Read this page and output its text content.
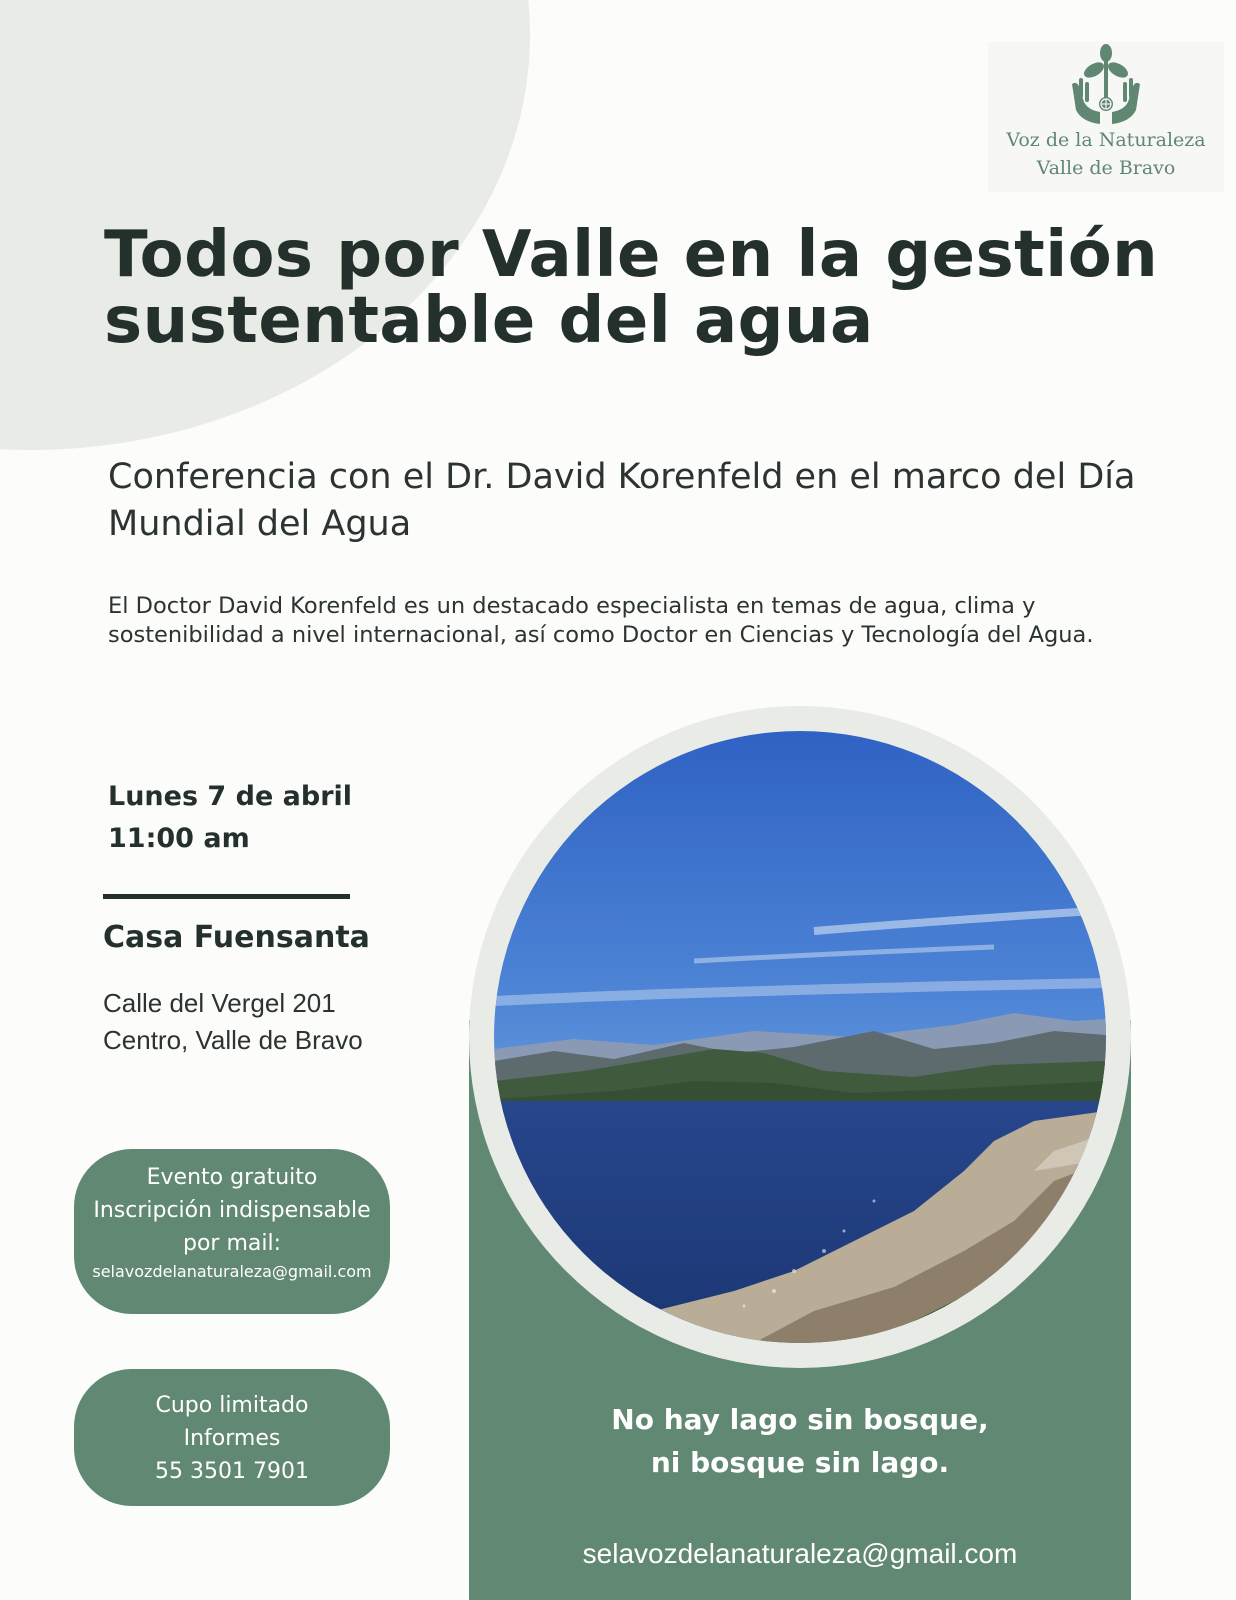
Voz de la Naturaleza
Valle de Bravo
Todos por Valle en la gestión sustentable del agua
Conferencia con el Dr. David Korenfeld en el marco del Día Mundial del Agua

El Doctor David Korenfeld es un destacado especialista en temas de agua, clima y sostenibilidad a nivel internacional, así como Doctor en Ciencias y Tecnología del Agua.

Lunes 7 de abril
11:00 am
Casa Fuensanta
Calle del Vergel 201
Centro, Valle de Bravo
Evento gratuito
Inscripción indispensable
por mail:
selavozdelanaturaleza@gmail.com
Cupo limitado
Informes
55 3501 7901
No hay lago sin bosque,
ni bosque sin lago.
selavozdelanaturaleza@gmail.com
